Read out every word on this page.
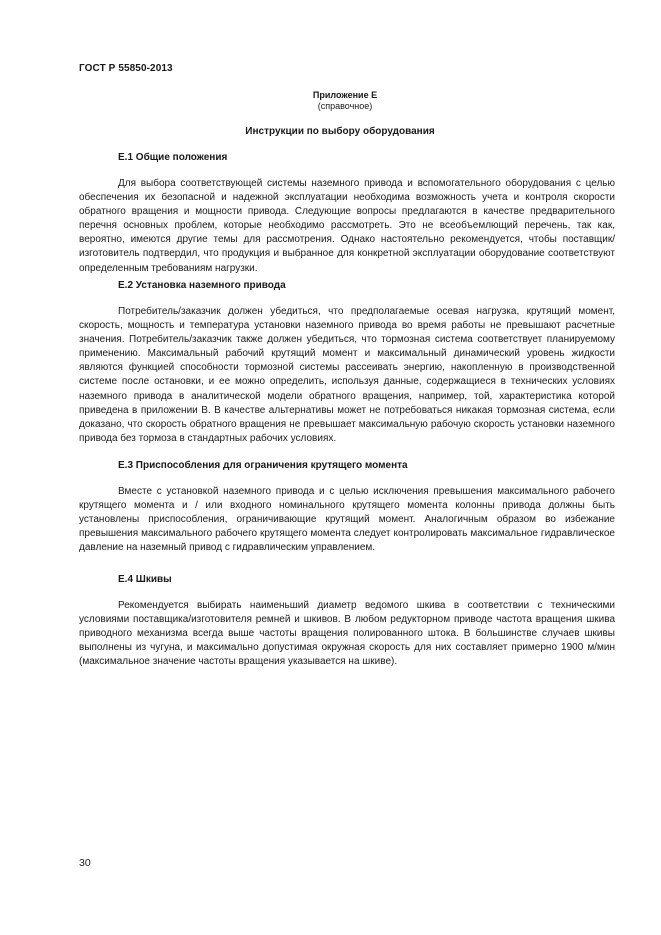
ГОСТ Р 55850-2013
Приложение Е
(справочное)
Инструкции по выбору оборудования
Е.1 Общие положения
Для выбора соответствующей системы наземного привода и вспомогательного оборудования с целью обеспечения их безопасной и надежной эксплуатации необходима возможность учета и контроля скорости обратного вращения и мощности привода. Следующие вопросы предлагаются в качестве предварительного перечня основных проблем, которые необходимо рассмотреть. Это не всеобъемлющий перечень, так как, вероятно, имеются другие темы для рассмотрения. Однако настоятельно рекомендуется, чтобы поставщик/изготовитель подтвердил, что продукция и выбранное для конкретной эксплуатации оборудование соответствуют определенным требованиям нагрузки.
Е.2 Установка наземного привода
Потребитель/заказчик должен убедиться, что предполагаемые осевая нагрузка, крутящий момент, скорость, мощность и температура установки наземного привода во время работы не превышают расчетные значения. Потребитель/заказчик также должен убедиться, что тормозная система соответствует планируемому применению. Максимальный рабочий крутящий момент и максимальный динамический уровень жидкости являются функцией способности тормозной системы рассеивать энергию, накопленную в производственной системе после остановки, и ее можно определить, используя данные, содержащиеся в технических условиях наземного привода в аналитической модели обратного вращения, например, той, характеристика которой приведена в приложении В. В качестве альтернативы может не потребоваться никакая тормозная система, если доказано, что скорость обратного вращения не превышает максимальную рабочую скорость установки наземного привода без тормоза в стандартных рабочих условиях.
Е.3 Приспособления для ограничения крутящего момента
Вместе с установкой наземного привода и с целью исключения превышения максимального рабочего крутящего момента и / или входного номинального крутящего момента колонны привода должны быть установлены приспособления, ограничивающие крутящий момент. Аналогичным образом во избежание превышения максимального рабочего крутящего момента следует контролировать максимальное гидравлическое давление на наземный привод с гидравлическим управлением.
Е.4 Шкивы
Рекомендуется выбирать наименьший диаметр ведомого шкива в соответствии с техническими условиями поставщика/изготовителя ремней и шкивов. В любом редукторном приводе частота вращения шкива приводного механизма всегда выше частоты вращения полированного штока. В большинстве случаев шкивы выполнены из чугуна, и максимально допустимая окружная скорость для них составляет примерно 1900 м/мин (максимальное значение частоты вращения указывается на шкиве).
30
